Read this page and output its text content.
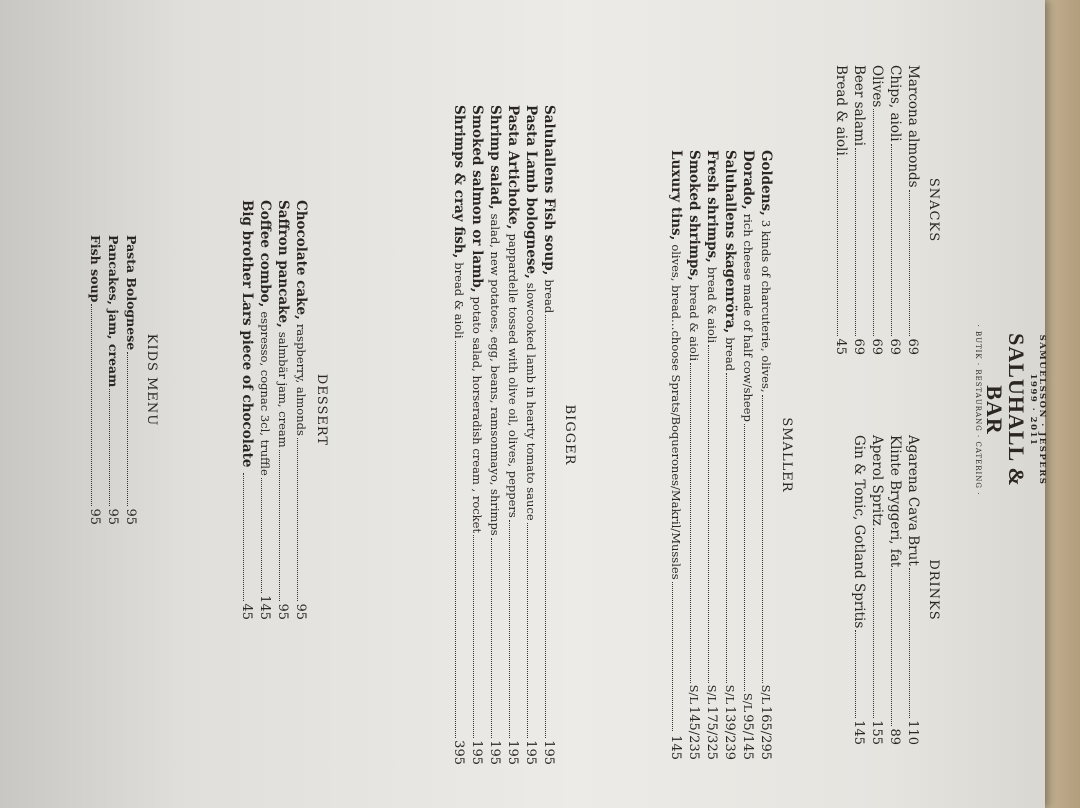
SAMUELSSON · JESPERS
1999 · 2011
SALUHALL & BAR
· BUTIK · RESTAURANG · CATERING ·
SNACKS
Marcona almonds
69
Chips, aioli
69
Olives
69
Beer salami
69
Bread & aioli
45
DRINKS
Agarena Cava Brut
110
Klinte Bryggeri, fat
89
Aperol Spritz
155
Gin & Tonic, Gotland Spritis
145
SMALLER
Goldens,
3 kinds of charcuterie, olives,
S/L
165/295
Dorado,
rich cheese made of half cow/sheep
S/L
95/145
Saluhallens skagenröra,
bread
S/L
139/239
Fresh shrimps,
bread & aioli
S/L
175/325
Smoked shrimps,
bread & aioli
S/L
145/235
Luxury tins,
olives, bread…choose Sprats/Boquerones/Makril/Mussles
145
BIGGER
Saluhallens Fish soup,
bread
195
Pasta Lamb bolognese,
slowcooked lamb in hearty tomato sauce
195
Pasta Artichoke,
pappardelle tossed with olive oil, olives, peppers
195
Shrimp salad,
salad, new potatoes, egg, beans, ramsonmayo, shrimps
195
Smoked salmon or lamb,
potato salad, horseradish cream , rocket
195
Shrimps & cray fish,
bread & aioli
395
DESSERT
Chocolate cake,
raspberry, almonds
95
Saffron pancake,
salmbär jam, cream
95
Coffee combo,
espresso, cognac 3cl, truffle
145
Big brother Lars piece of chocolate
45
KIDS MENU
Pasta Bolognese
95
Pancakes, jam, cream
95
Fish soup
95
